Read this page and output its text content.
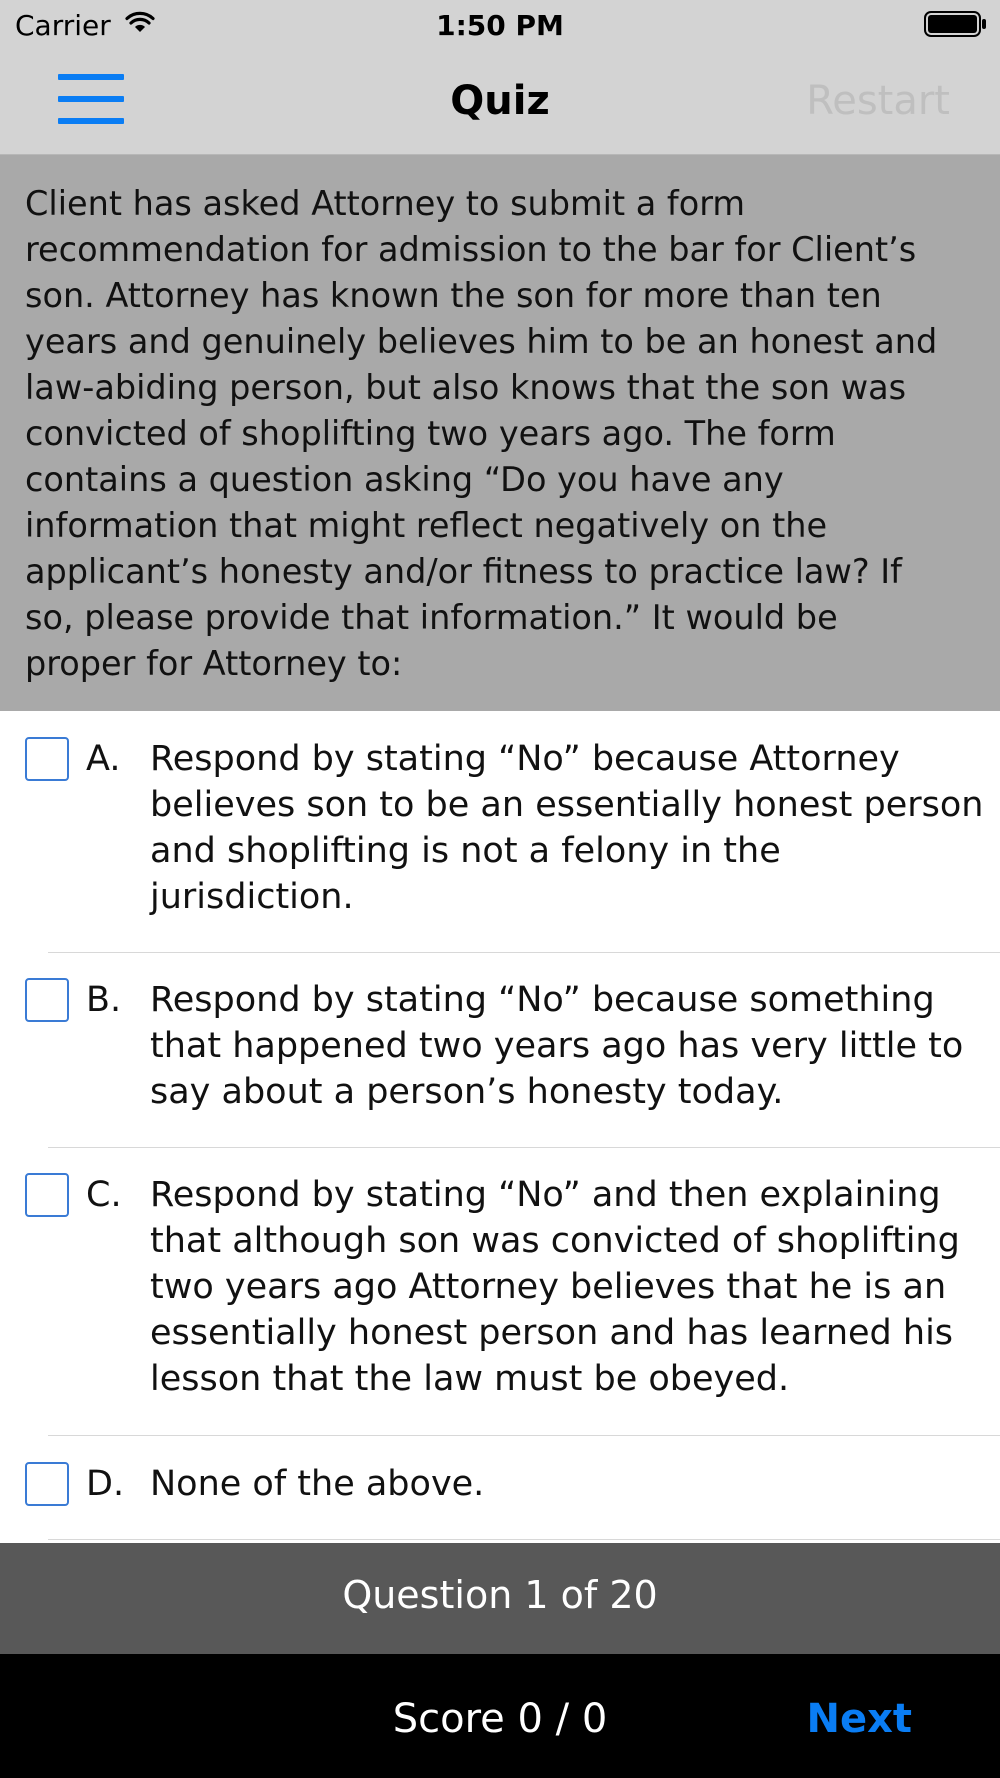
Carrier	1:50 PM
Quiz	Restart
Client has asked Attorney to submit a form
recommendation for admission to the bar for Client’s
son. Attorney has known the son for more than ten
years and genuinely believes him to be an honest and
law-abiding person, but also knows that the son was
convicted of shoplifting two years ago. The form
contains a question asking “Do you have any
information that might reflect negatively on the
applicant’s honesty and/or fitness to practice law? If
so, please provide that information.” It would be
proper for Attorney to:
A. Respond by stating “No” because Attorney
believes son to be an essentially honest person
and shoplifting is not a felony in the
jurisdiction.
B. Respond by stating “No” because something
that happened two years ago has very little to
say about a person’s honesty today.
C. Respond by stating “No” and then explaining
that although son was convicted of shoplifting
two years ago Attorney believes that he is an
essentially honest person and has learned his
lesson that the law must be obeyed.
D. None of the above.
Question 1 of 20
Score 0 / 0	Next
